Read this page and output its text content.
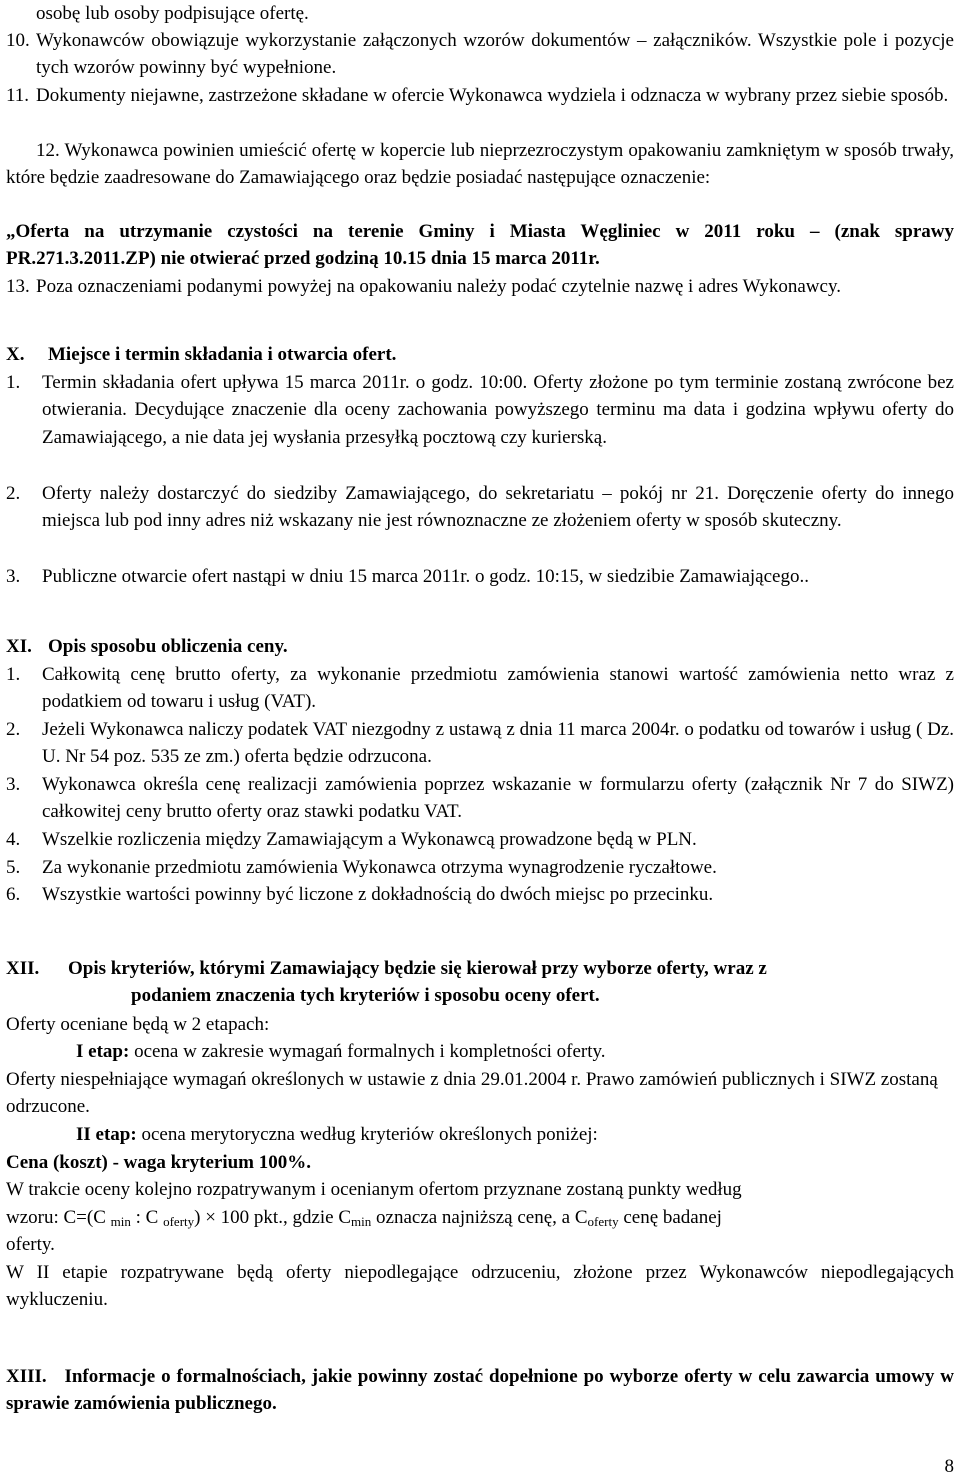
osobę lub osoby podpisujące ofertę.
10. Wykonawców obowiązuje wykorzystanie załączonych wzorów dokumentów – załączników. Wszystkie pole i pozycje tych wzorów powinny być wypełnione.
11. Dokumenty niejawne, zastrzeżone składane w ofercie Wykonawca wydziela i odznacza w wybrany przez siebie sposób.
12. Wykonawca powinien umieścić ofertę w kopercie lub nieprzezroczystym opakowaniu zamkniętym w sposób trwały, które będzie zaadresowane do Zamawiającego oraz będzie posiadać następujące oznaczenie:
„Oferta na utrzymanie czystości na terenie Gminy i Miasta Węgliniec w 2011 roku – (znak sprawy PR.271.3.2011.ZP) nie otwierać przed godziną 10.15 dnia 15 marca 2011r.
13. Poza oznaczeniami podanymi powyżej na opakowaniu należy podać czytelnie nazwę i adres Wykonawcy.
X. Miejsce i termin składania i otwarcia ofert.
1. Termin składania ofert upływa 15 marca 2011r. o godz. 10:00. Oferty złożone po tym terminie zostaną zwrócone bez otwierania. Decydujące znaczenie dla oceny zachowania powyższego terminu ma data i godzina wpływu oferty do Zamawiającego, a nie data jej wysłania przesyłką pocztową czy kurierską.
2. Oferty należy dostarczyć do siedziby Zamawiającego, do sekretariatu – pokój nr 21. Doręczenie oferty do innego miejsca lub pod inny adres niż wskazany nie jest równoznaczne ze złożeniem oferty w sposób skuteczny.
3. Publiczne otwarcie ofert nastąpi w dniu 15 marca 2011r. o godz. 10:15, w siedzibie Zamawiającego..
XI. Opis sposobu obliczenia ceny.
1. Całkowitą cenę brutto oferty, za wykonanie przedmiotu zamówienia stanowi wartość zamówienia netto wraz z podatkiem od towaru i usług (VAT).
2. Jeżeli Wykonawca naliczy podatek VAT niezgodny z ustawą z dnia 11 marca 2004r. o podatku od towarów i usług ( Dz. U. Nr 54 poz. 535 ze zm.) oferta będzie odrzucona.
3. Wykonawca określa cenę realizacji zamówienia poprzez wskazanie w formularzu oferty (załącznik Nr 7 do SIWZ) całkowitej ceny brutto oferty oraz stawki podatku VAT.
4. Wszelkie rozliczenia między Zamawiającym a Wykonawcą prowadzone będą w PLN.
5. Za wykonanie przedmiotu zamówienia Wykonawca otrzyma wynagrodzenie ryczałtowe.
6. Wszystkie wartości powinny być liczone z dokładnością do dwóch miejsc po przecinku.
XII. Opis kryteriów, którymi Zamawiający będzie się kierował przy wyborze oferty, wraz z

podaniem znaczenia tych kryteriów i sposobu oceny ofert.
Oferty oceniane będą w 2 etapach:
I etap: ocena w zakresie wymagań formalnych i kompletności oferty.
Oferty niespełniające wymagań określonych w ustawie z dnia 29.01.2004 r. Prawo zamówień publicznych i SIWZ zostaną odrzucone.
II etap: ocena merytoryczna według kryteriów określonych poniżej:
Cena (koszt) - waga kryterium 100%.
W trakcie oceny kolejno rozpatrywanym i ocenianym ofertom przyznane zostaną punkty według
wzoru: C=(C $_{min}$ : C $_{oferty}$) × 100 pkt., gdzie $C_{min}$ oznacza najniższą cenę, a $C_{oferty}$ cenę badanej
oferty.
W II etapie rozpatrywane będą oferty niepodlegające odrzuceniu, złożone przez Wykonawców niepodlegających wykluczeniu.
XIII. Informacje o formalnościach, jakie powinny zostać dopełnione po wyborze oferty w celu zawarcia umowy w sprawie zamówienia publicznego.
8
